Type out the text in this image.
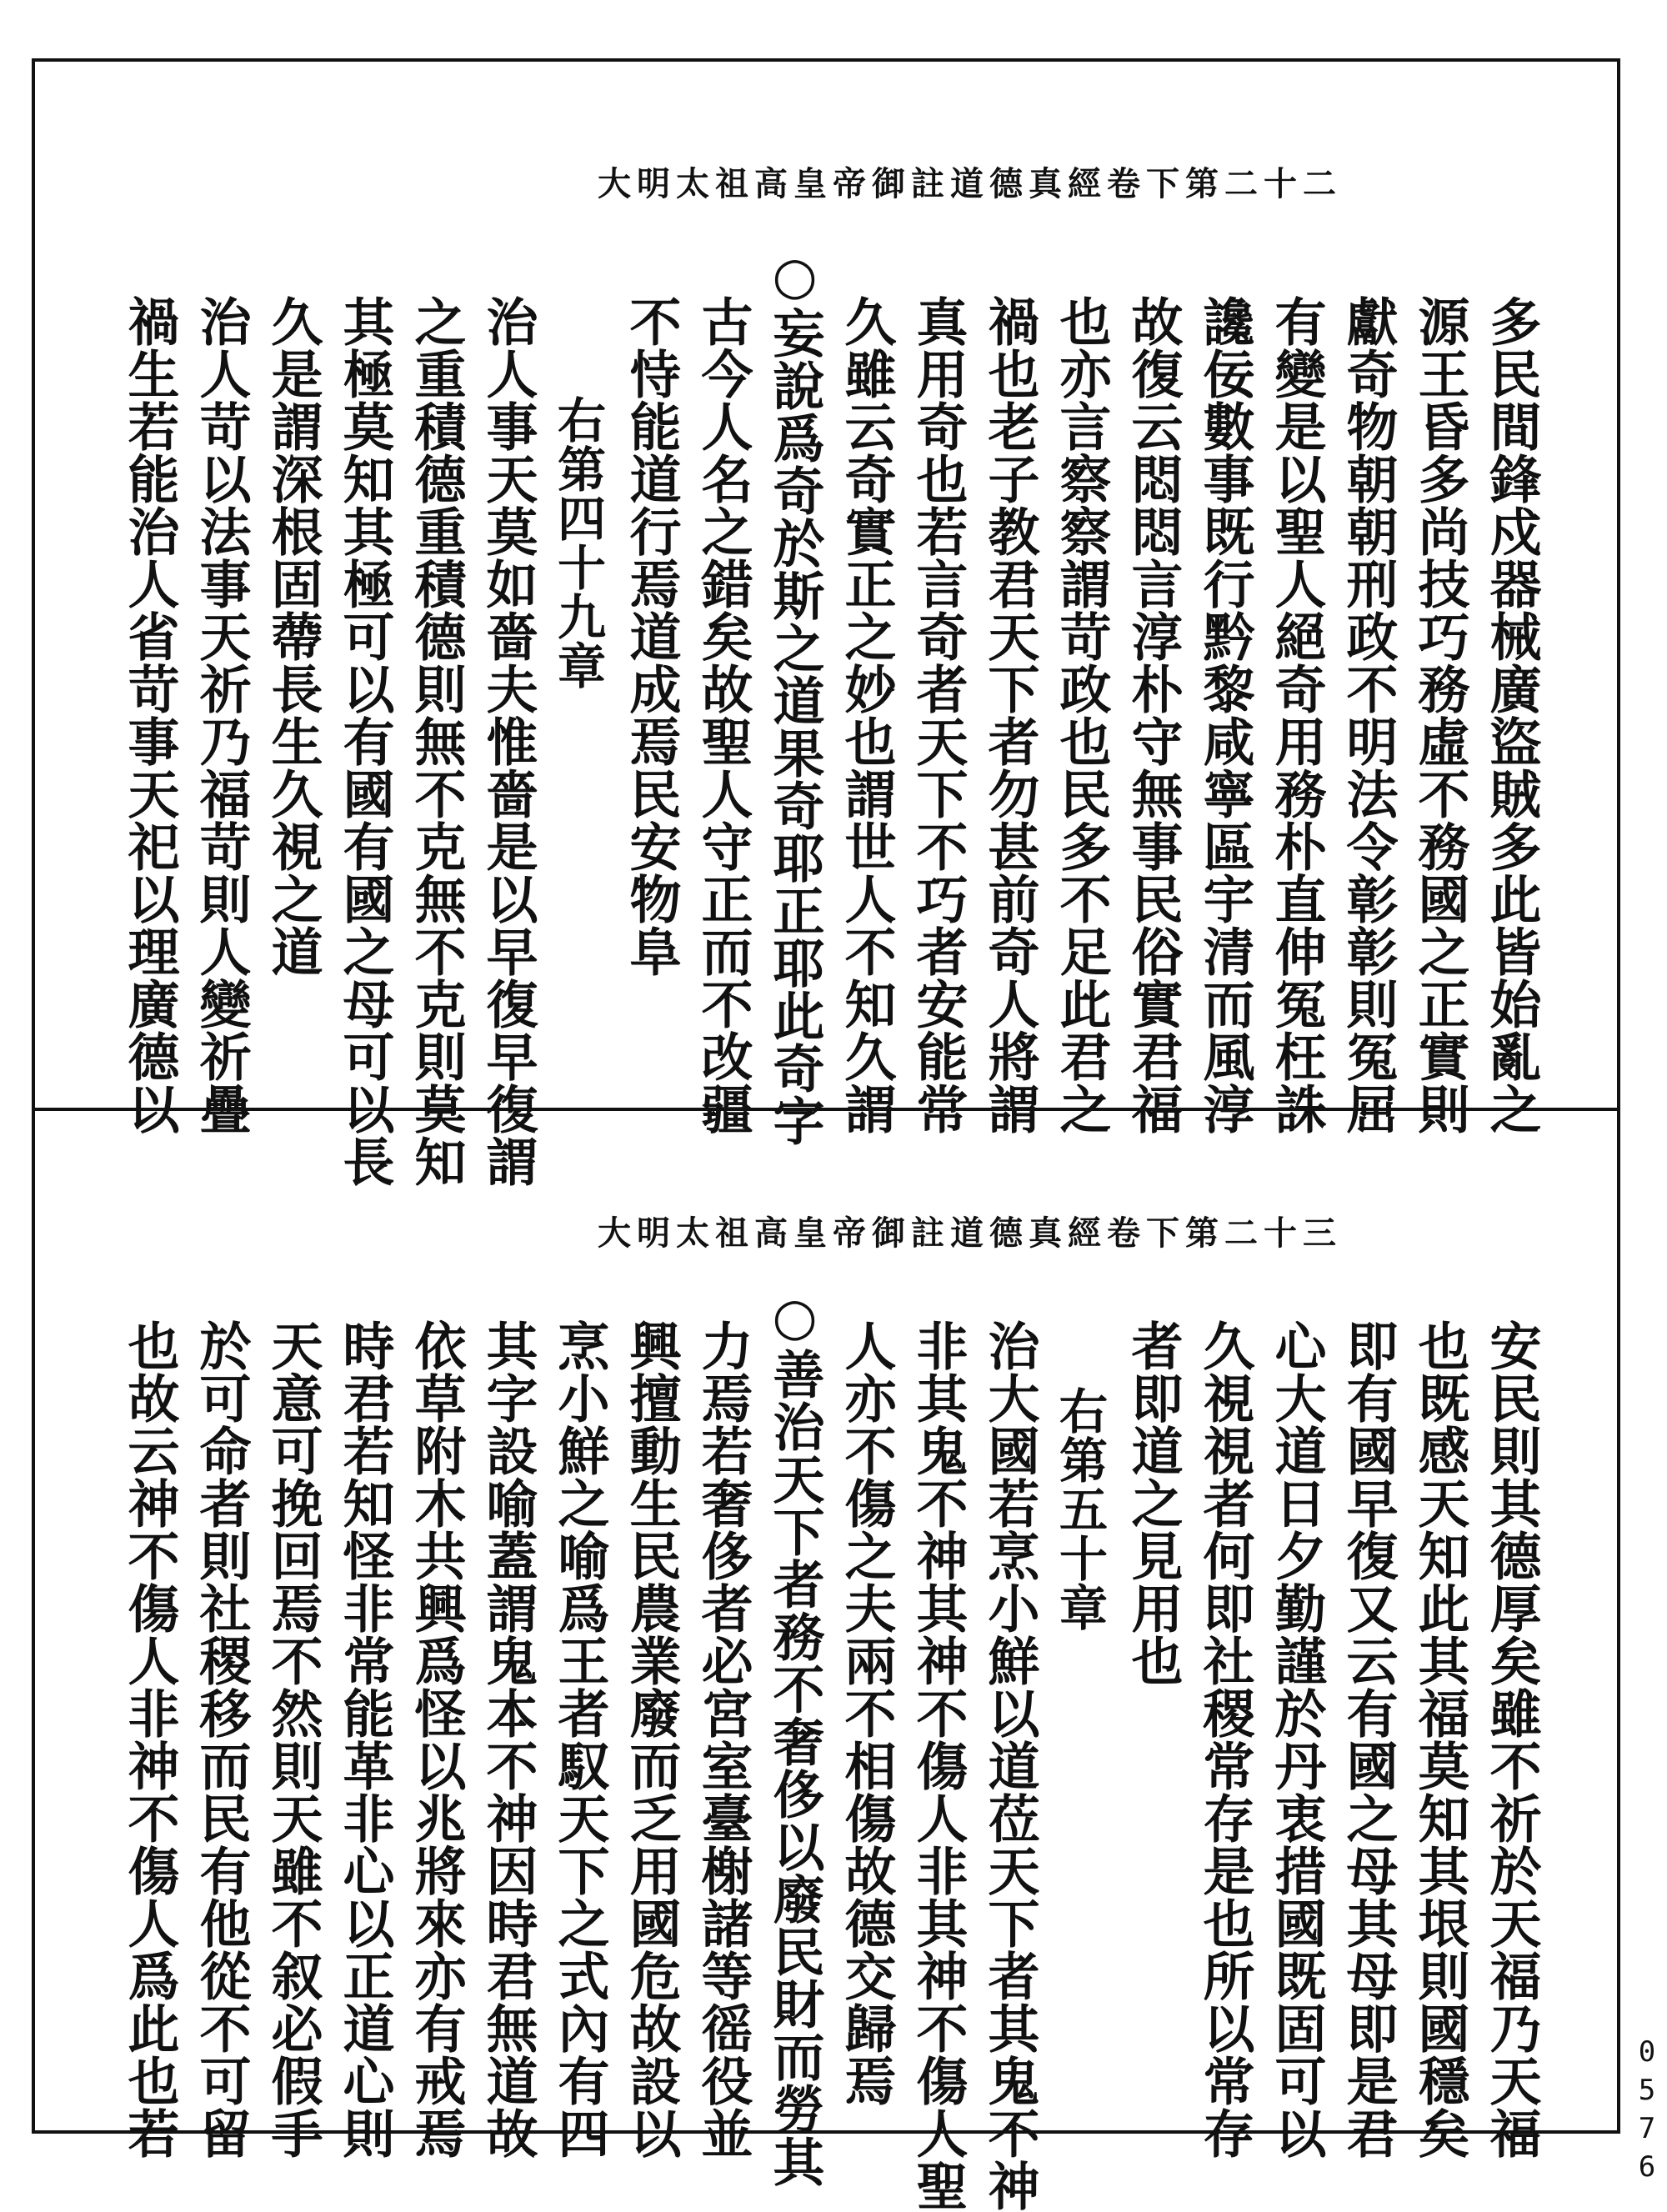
大明太祖高皇帝御註道德真經卷下第二十二
多民間鋒戍器械廣盜賊多此皆始亂之
源王昏多尚技巧務虛不務國之正實則
獻奇物朝朝刑政不明法令彰彰則冤屈
有變是以聖人絕奇用務朴直伸冤枉誅
讒佞數事既行黔黎咸寧區宇清而風淳
故復云悶悶言淳朴守無事民俗實君福
也亦言察察謂苛政也民多不足此君之
禍也老子教君天下者勿甚前奇人將謂
真用奇也若言奇者天下不巧者安能常
久雖云奇實正之妙也謂世人不知久謂
○妄說爲奇於斯之道果奇耶正耶此奇字
古今人名之錯矣故聖人守正而不改疆
不恃能道行焉道成焉民安物阜
右第四十九章
治人事天莫如嗇夫惟嗇是以早復早復謂
之重積德重積德則無不克無不克則莫知
其極莫知其極可以有國有國之母可以長
久是謂深根固蔕長生久視之道
治人苛以法事天祈乃福苛則人變祈疊
禍生若能治人省苛事天祀以理廣德以
大明太祖高皇帝御註道德真經卷下第二十三
安民則其德厚矣雖不祈於天福乃天福
也既感天知此其福莫知其垠則國穩矣
即有國早復又云有國之母其母即是君
心大道日夕勤謹於丹衷措國既固可以
久視視者何即社稷常存是也所以常存
者即道之見用也
右第五十章
治大國若烹小鮮以道莅天下者其鬼不神
非其鬼不神其神不傷人非其神不傷人聖
人亦不傷之夫兩不相傷故德交歸焉
○善治天下者務不奢侈以廢民財而勞其
力焉若奢侈者必宮室臺榭諸等徭役並
興擅動生民農業廢而乏用國危故設以
烹小鮮之喻爲王者馭天下之式內有四
其字設喻蓋謂鬼本不神因時君無道故
依草附木共興爲怪以兆將來亦有戒焉
時君若知怪非常能革非心以正道心則
天意可挽回焉不然則天雖不叙必假手
於可命者則社稷移而民有他從不可留
也故云神不傷人非神不傷人爲此也若	0576
